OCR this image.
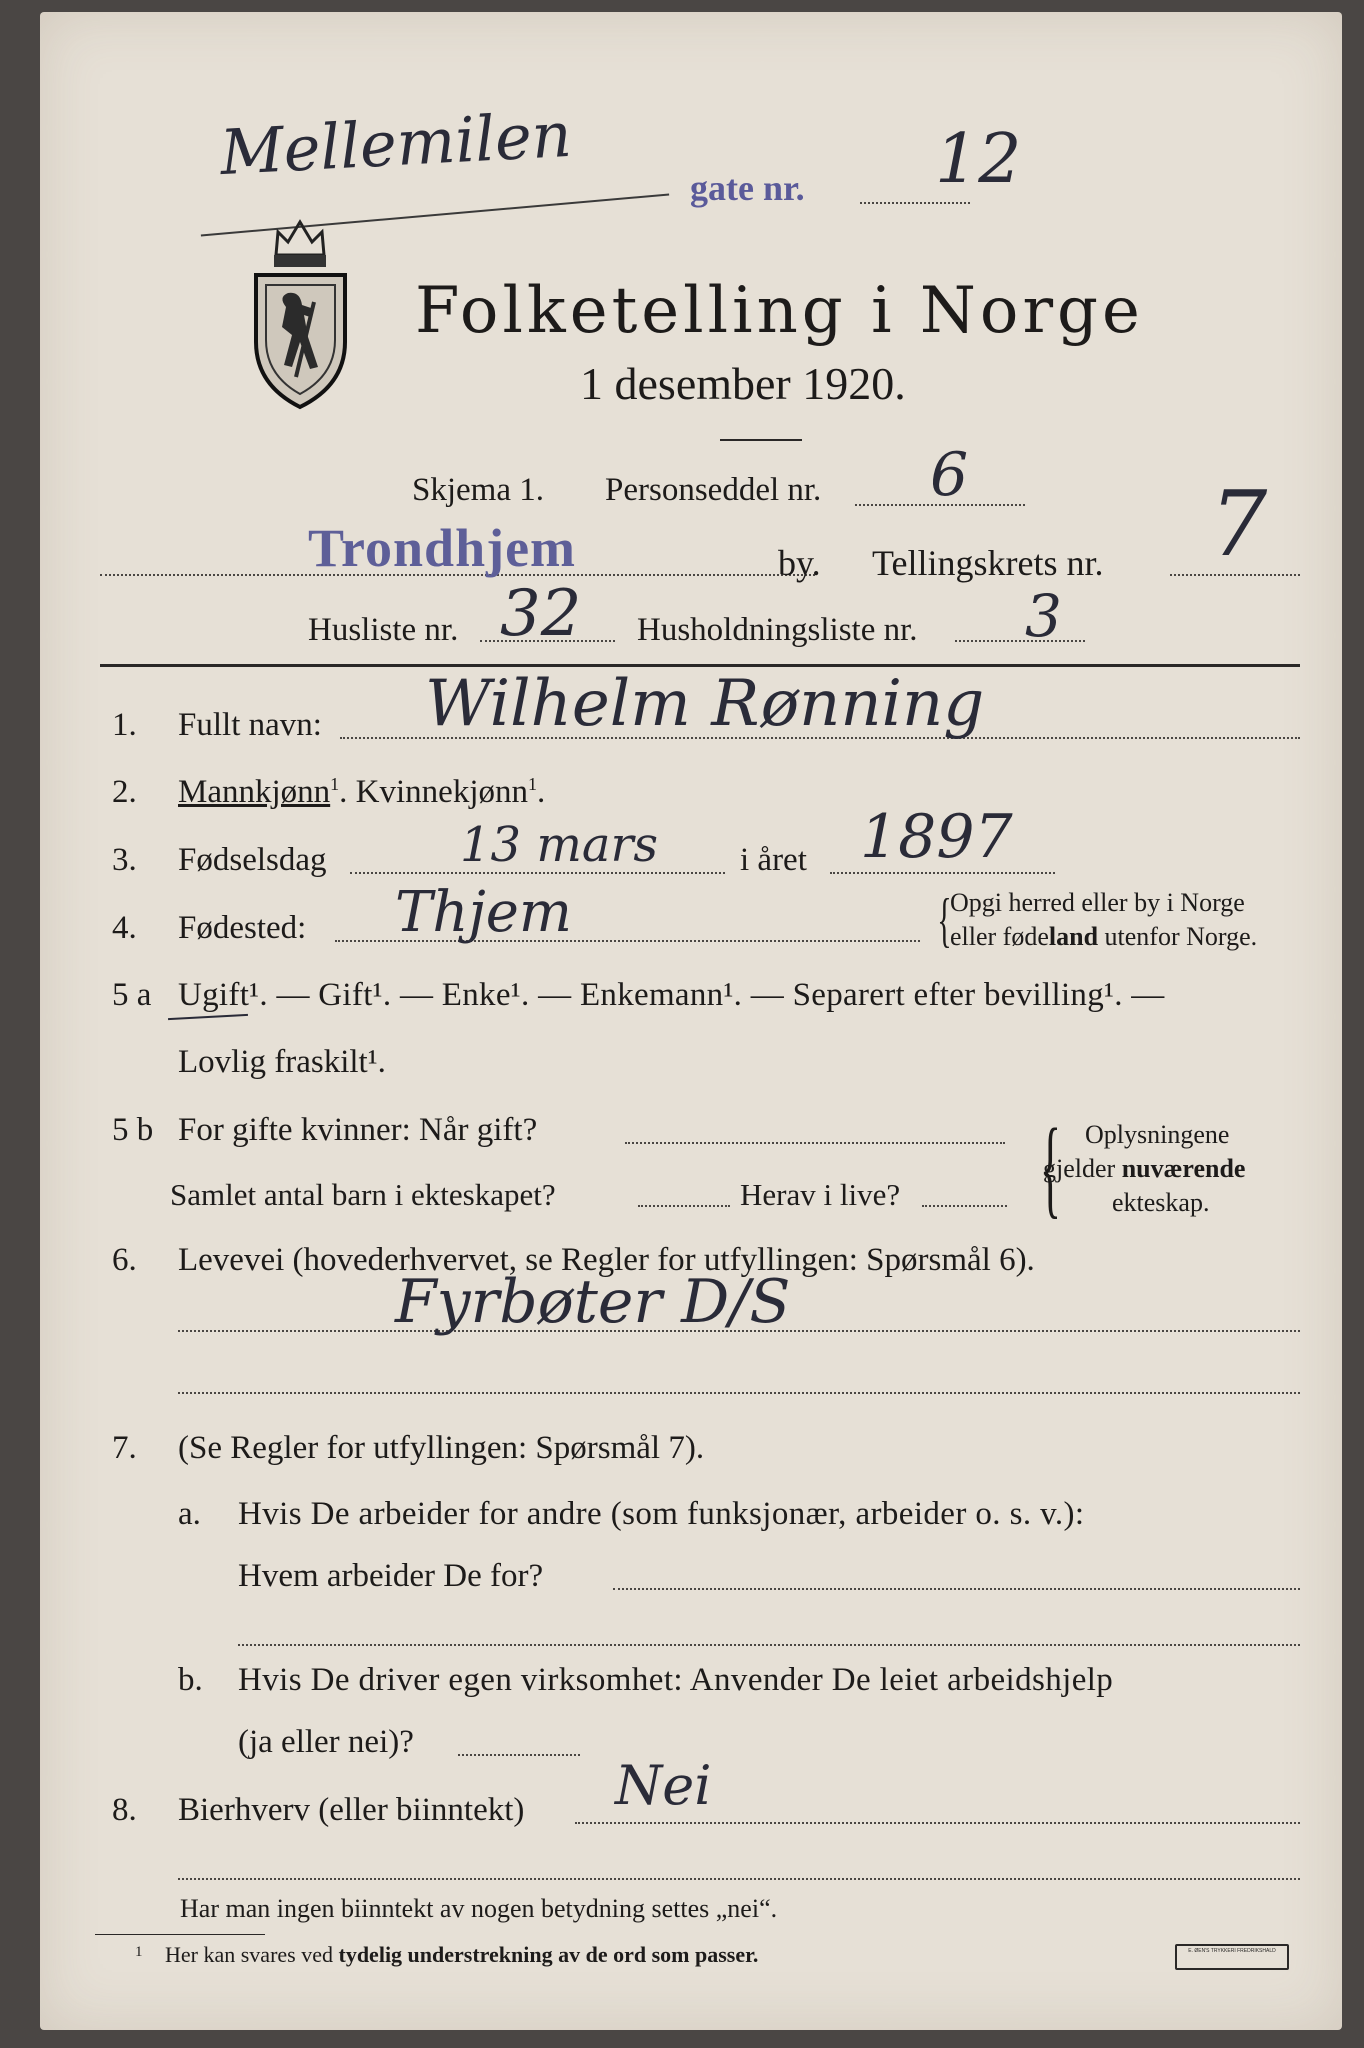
Mellemilen	gate nr. 12
Folketelling i Norge
1 desember 1920.
Skjema 1. Personseddel nr. 6
Trondhjem	by. Tellingskrets nr. 7
Husliste nr. 32 Husholdningsliste nr. 3
1. Fullt navn: Wilhelm Rønning
2. Mannkjønn$^1$. Kvinnekjønn$^1$.
3. Fødselsdag	13 mars i året 1897
4. Fødested: Thjem	{
Opgi herred eller by i Norge
eller fødeland utenfor Norge.
5 a Ugift¹. — Gift¹. — Enke¹. — Enkemann¹. — Separert efter bevilling¹. —
Lovlig fraskilt¹.
5 b For gifte kvinner: Når gift?
Samlet antal barn i ekteskapet?	Herav i live? { Oplysningene
gjelder nuværende
ekteskap.
6. Levevei (hovederhvervet, se Regler for utfyllingen: Spørsmål 6).
Fyrbøter D/S
7. (Se Regler for utfyllingen: Spørsmål 7).
a. Hvis De arbeider for andre (som funksjonær, arbeider o. s. v.):
Hvem arbeider De for?
b. Hvis De driver egen virksomhet: Anvender De leiet arbeidshjelp
(ja eller nei)?
8. Bierhverv (eller biinntekt) Nei
Har man ingen biinntekt av nogen betydning settes „nei“.
1 Her kan svares ved tydelig understrekning av de ord som passer.	E. ØEN'S TRYKKERI FREDRIKSHALD
